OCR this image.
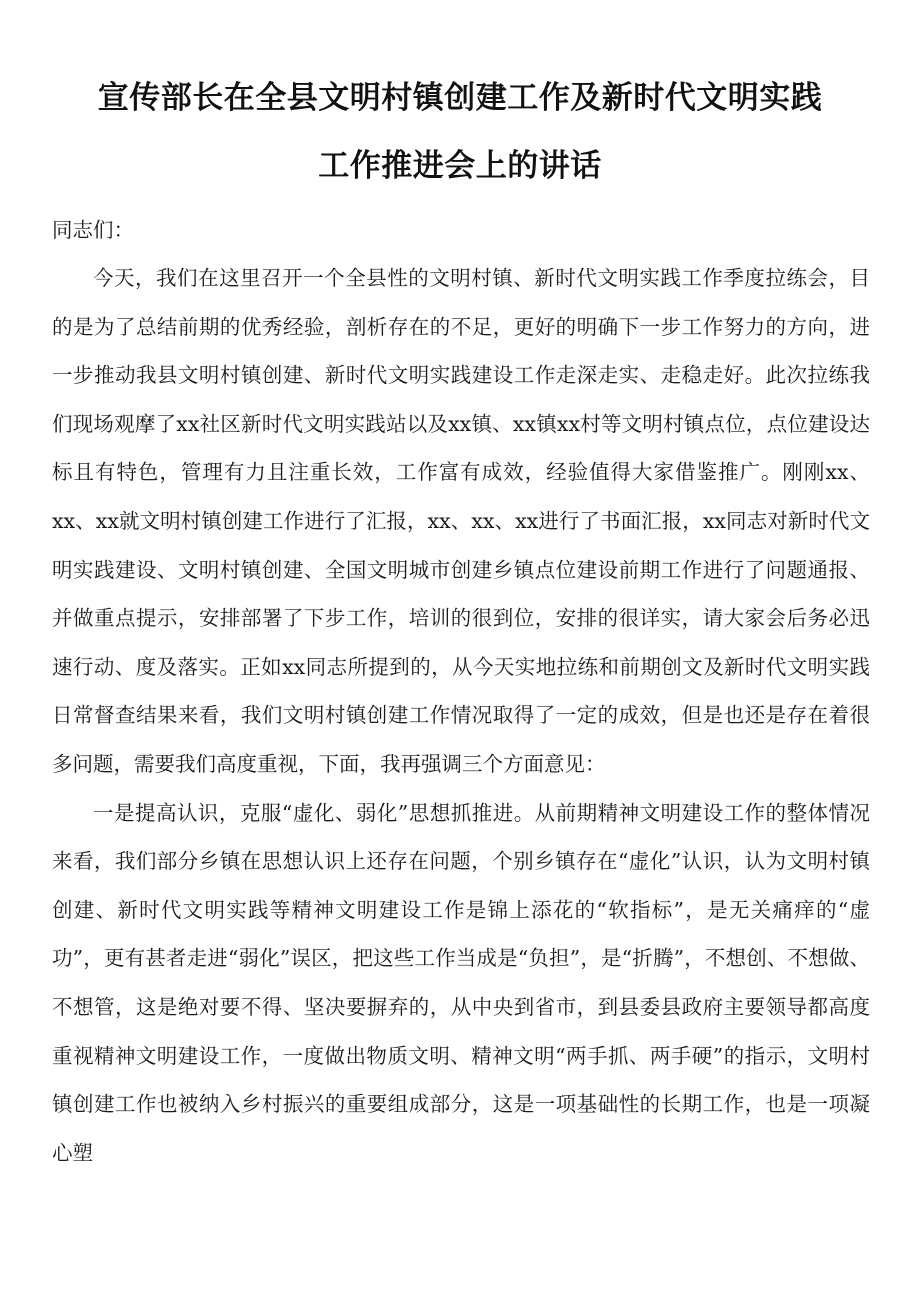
宣传部长在全县文明村镇创建工作及新时代文明实践
工作推进会上的讲话
同志们：

今天，我们在这里召开一个全县性的文明村镇、新时代文明实践工作季度拉练会，目的是为了总结前期的优秀经验，剖析存在的不足，更好的明确下一步工作努力的方向，进一步推动我县文明村镇创建、新时代文明实践建设工作走深走实、走稳走好。此次拉练我们现场观摩了xx社区新时代文明实践站以及xx镇、xx镇xx村等文明村镇点位，点位建设达标且有特色，管理有力且注重长效，工作富有成效，经验值得大家借鉴推广。刚刚xx、xx、xx就文明村镇创建工作进行了汇报，xx、xx、xx进行了书面汇报，xx同志对新时代文明实践建设、文明村镇创建、全国文明城市创建乡镇点位建设前期工作进行了问题通报、并做重点提示，安排部署了下步工作，培训的很到位，安排的很详实，请大家会后务必迅速行动、度及落实。正如xx同志所提到的，从今天实地拉练和前期创文及新时代文明实践日常督查结果来看，我们文明村镇创建工作情况取得了一定的成效，但是也还是存在着很多问题，需要我们高度重视，下面，我再强调三个方面意见：

一是提高认识，克服“虚化、弱化”思想抓推进。从前期精神文明建设工作的整体情况来看，我们部分乡镇在思想认识上还存在问题，个别乡镇存在“虚化”认识，认为文明村镇创建、新时代文明实践等精神文明建设工作是锦上添花的“软指标”，是无关痛痒的“虚功”，更有甚者走进“弱化”误区，把这些工作当成是“负担”，是“折腾”，不想创、不想做、不想管，这是绝对要不得、坚决要摒弃的，从中央到省市，到县委县政府主要领导都高度重视精神文明建设工作，一度做出物质文明、精神文明“两手抓、两手硬”的指示，文明村镇创建工作也被纳入乡村振兴的重要组成部分，这是一项基础性的长期工作，也是一项凝心塑
